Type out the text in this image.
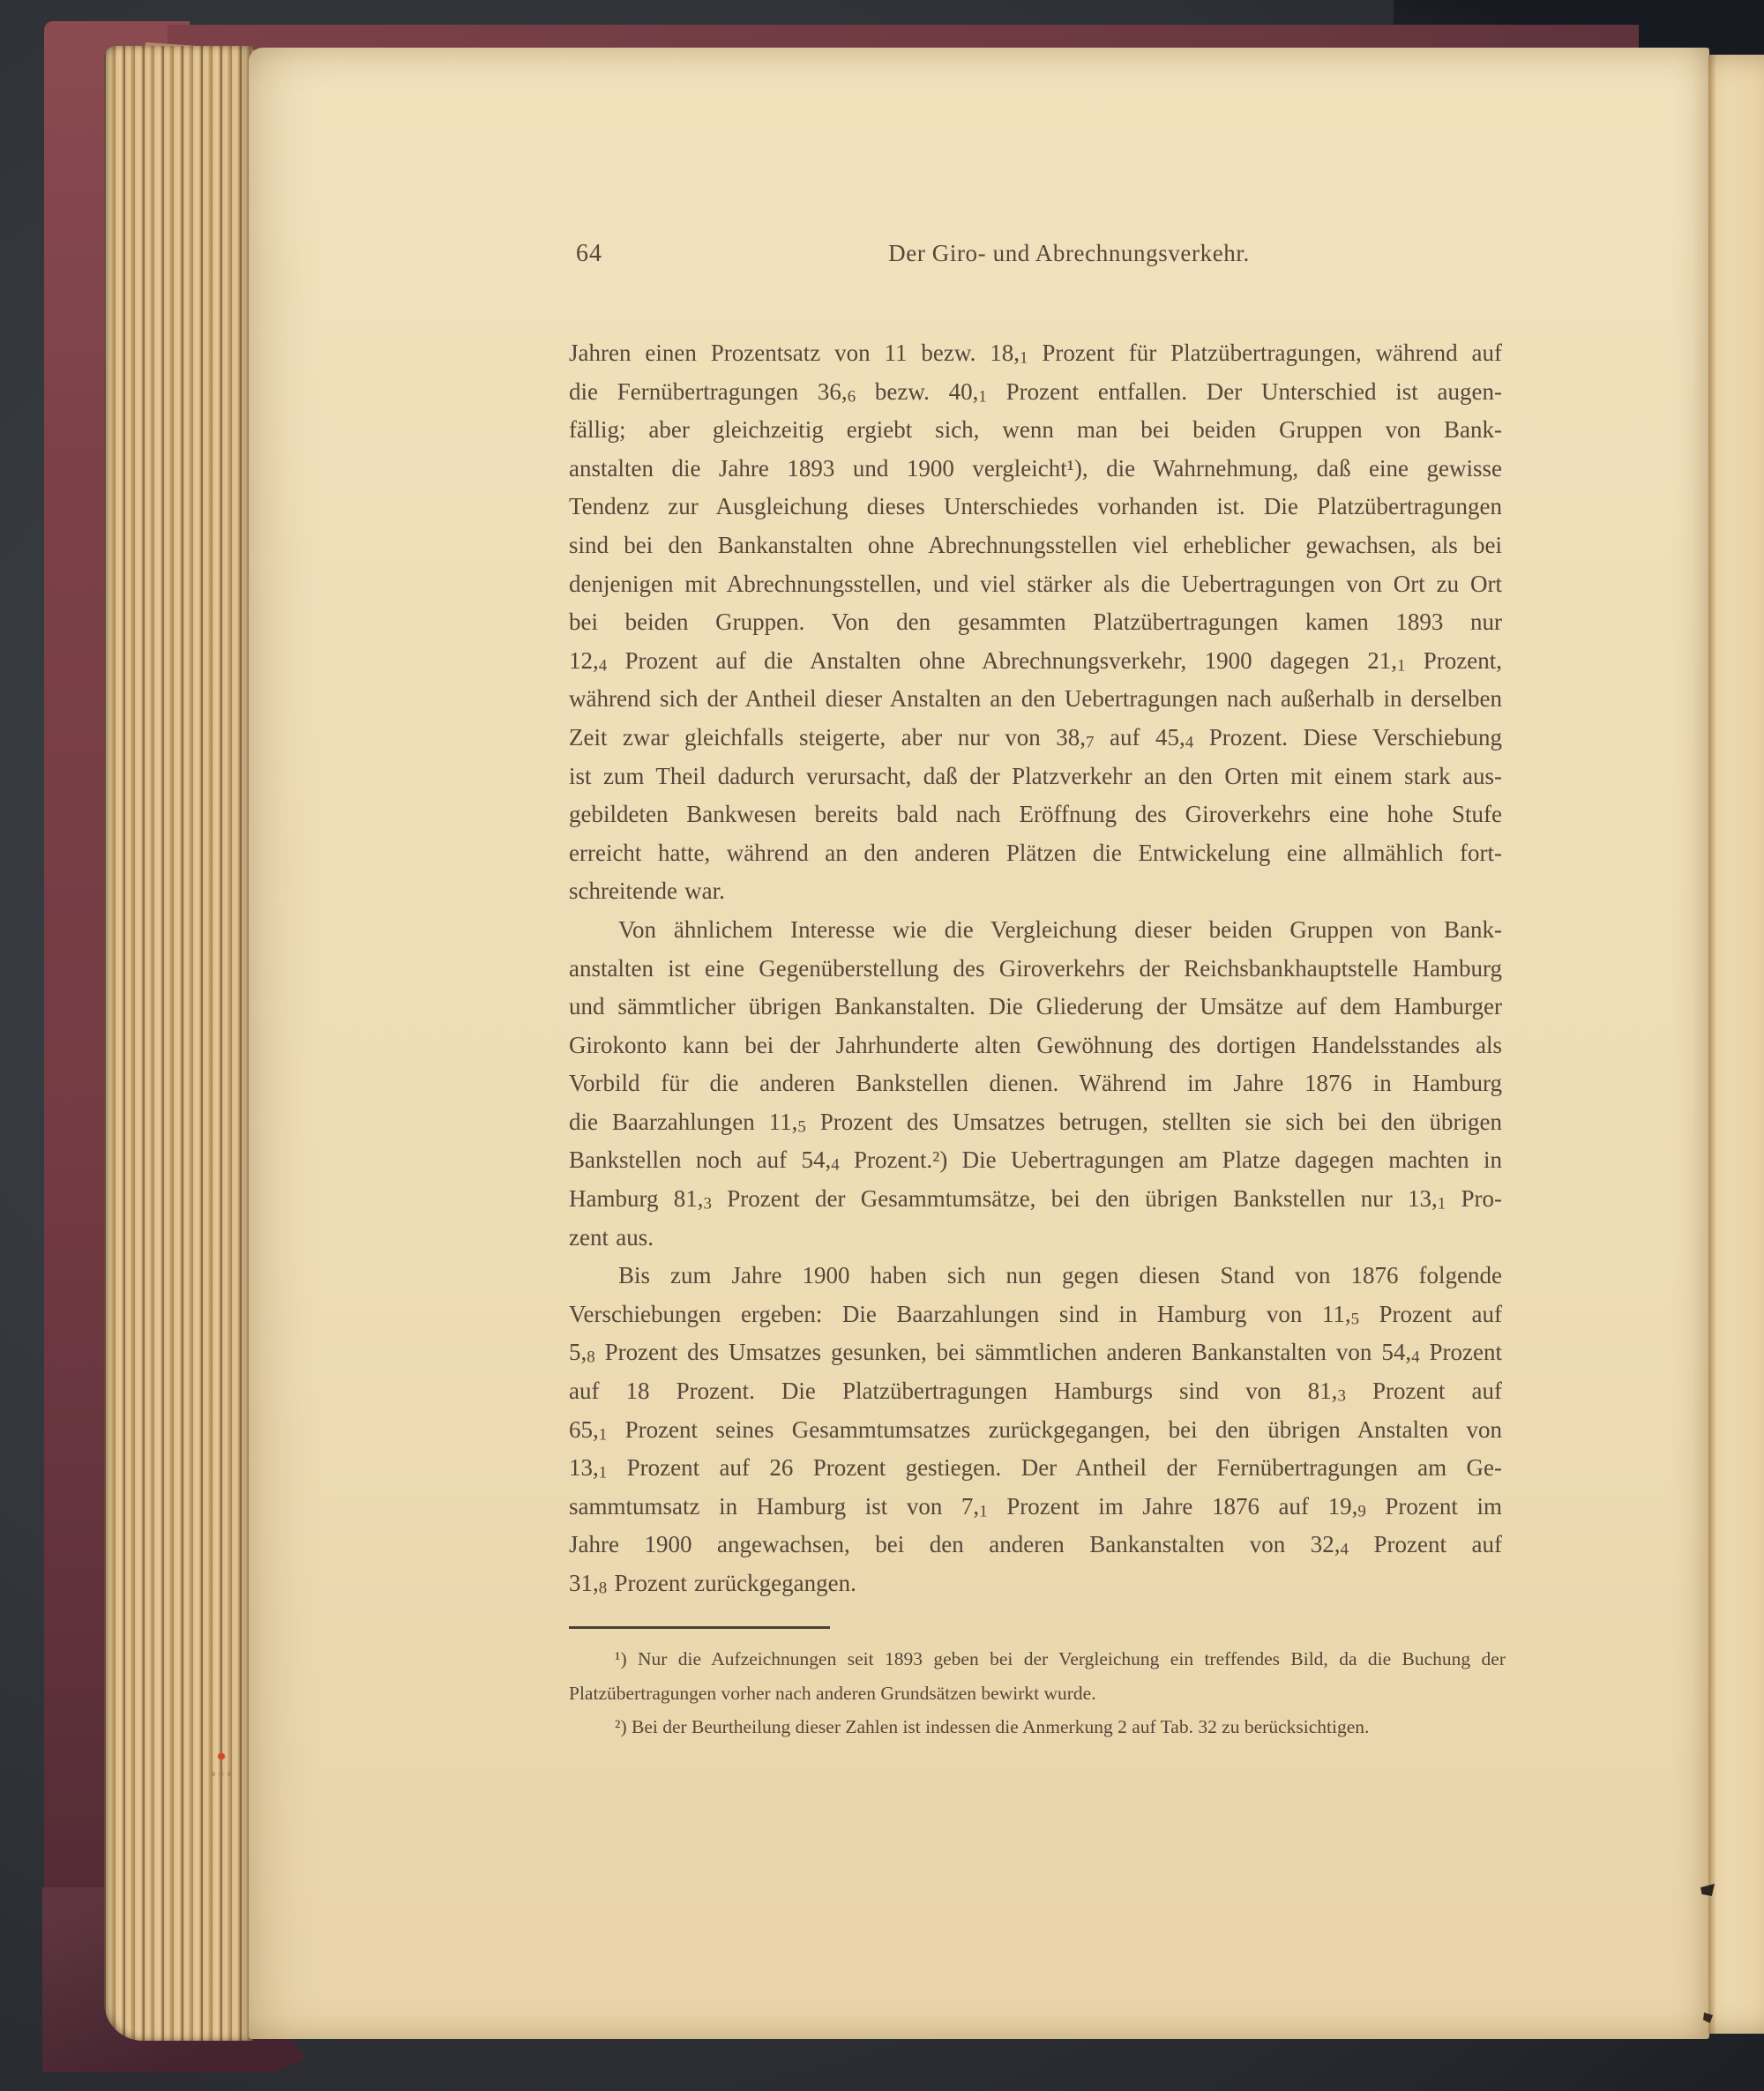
64	Der Giro- und Abrechnungsverkehr.
Jahren einen Prozentsatz von 11 bezw. 18,1 Prozent für Platzübertragungen, während auf
die Fernübertragungen 36,6 bezw. 40,1 Prozent entfallen. Der Unterschied ist augen-
fällig; aber gleichzeitig ergiebt sich, wenn man bei beiden Gruppen von Bank-
anstalten die Jahre 1893 und 1900 vergleicht¹), die Wahrnehmung, daß eine gewisse
Tendenz zur Ausgleichung dieses Unterschiedes vorhanden ist. Die Platzübertragungen
sind bei den Bankanstalten ohne Abrechnungsstellen viel erheblicher gewachsen, als bei
denjenigen mit Abrechnungsstellen, und viel stärker als die Uebertragungen von Ort zu Ort
bei beiden Gruppen. Von den gesammten Platzübertragungen kamen 1893 nur
12,4 Prozent auf die Anstalten ohne Abrechnungsverkehr, 1900 dagegen 21,1 Prozent,
während sich der Antheil dieser Anstalten an den Uebertragungen nach außerhalb in derselben
Zeit zwar gleichfalls steigerte, aber nur von 38,7 auf 45,4 Prozent. Diese Verschiebung
ist zum Theil dadurch verursacht, daß der Platzverkehr an den Orten mit einem stark aus-
gebildeten Bankwesen bereits bald nach Eröffnung des Giroverkehrs eine hohe Stufe
erreicht hatte, während an den anderen Plätzen die Entwickelung eine allmählich fort-
schreitende war.
Von ähnlichem Interesse wie die Vergleichung dieser beiden Gruppen von Bank-
anstalten ist eine Gegenüberstellung des Giroverkehrs der Reichsbankhauptstelle Hamburg
und sämmtlicher übrigen Bankanstalten. Die Gliederung der Umsätze auf dem Hamburger
Girokonto kann bei der Jahrhunderte alten Gewöhnung des dortigen Handelsstandes als
Vorbild für die anderen Bankstellen dienen. Während im Jahre 1876 in Hamburg
die Baarzahlungen 11,5 Prozent des Umsatzes betrugen, stellten sie sich bei den übrigen
Bankstellen noch auf 54,4 Prozent.²) Die Uebertragungen am Platze dagegen machten in
Hamburg 81,3 Prozent der Gesammtumsätze, bei den übrigen Bankstellen nur 13,1 Pro-
zent aus.
Bis zum Jahre 1900 haben sich nun gegen diesen Stand von 1876 folgende
Verschiebungen ergeben: Die Baarzahlungen sind in Hamburg von 11,5 Prozent auf
5,8 Prozent des Umsatzes gesunken, bei sämmtlichen anderen Bankanstalten von 54,4 Prozent
auf 18 Prozent. Die Platzübertragungen Hamburgs sind von 81,3 Prozent auf
65,1 Prozent seines Gesammtumsatzes zurückgegangen, bei den übrigen Anstalten von
13,1 Prozent auf 26 Prozent gestiegen. Der Antheil der Fernübertragungen am Ge-
sammtumsatz in Hamburg ist von 7,1 Prozent im Jahre 1876 auf 19,9 Prozent im
Jahre 1900 angewachsen, bei den anderen Bankanstalten von 32,4 Prozent auf
31,8 Prozent zurückgegangen.
¹) Nur die Aufzeichnungen seit 1893 geben bei der Vergleichung ein treffendes Bild, da die Buchung der
Platzübertragungen vorher nach anderen Grundsätzen bewirkt wurde.
²) Bei der Beurtheilung dieser Zahlen ist indessen die Anmerkung 2 auf Tab. 32 zu berücksichtigen.
●●●
